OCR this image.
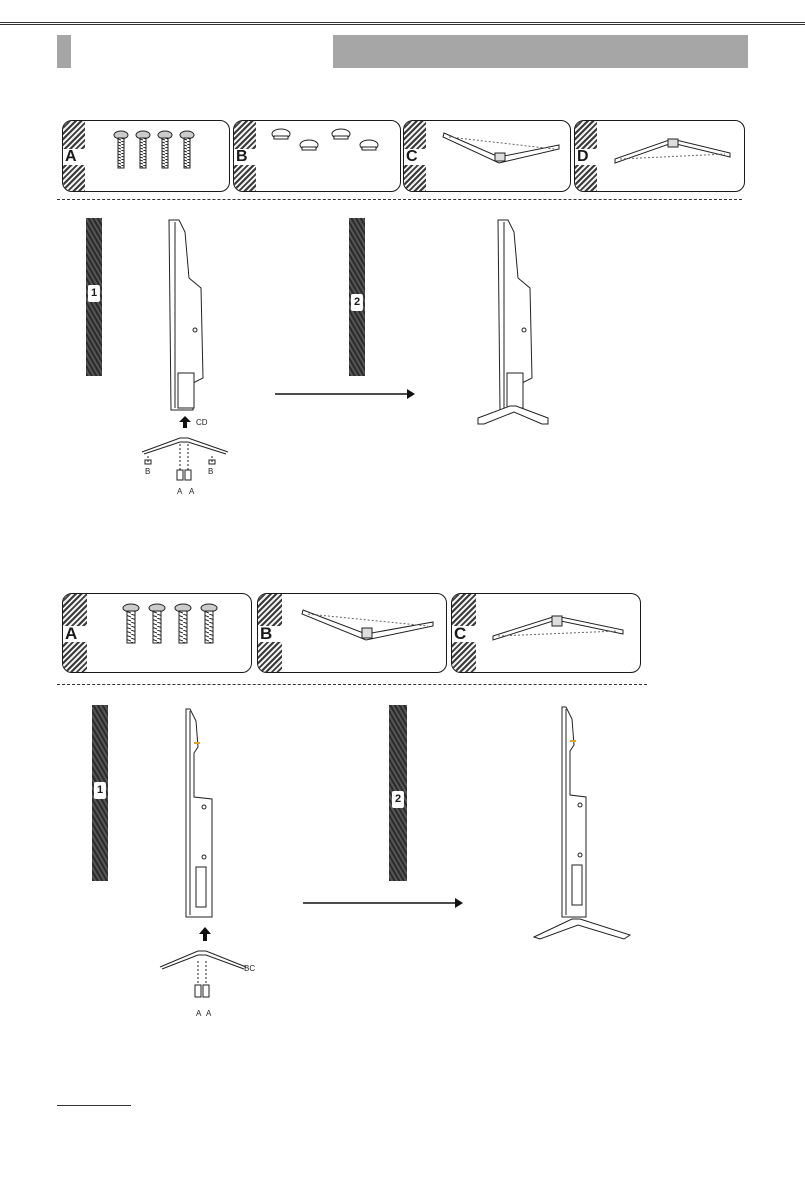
A	B	C	D
1
2
CD
B	B
A A
A	B	C
1
2
BC
A A
